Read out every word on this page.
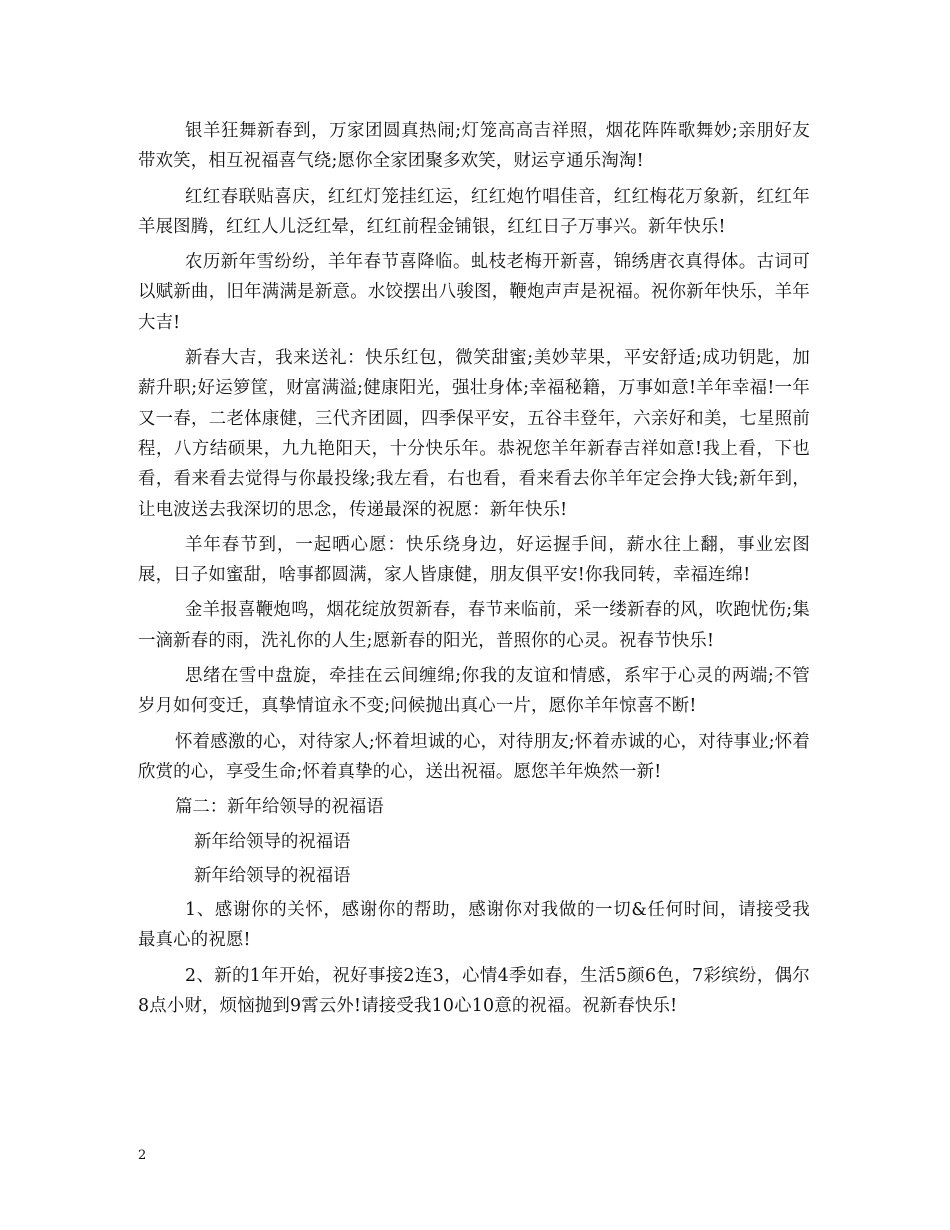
银羊狂舞新春到，万家团圆真热闹;灯笼高高吉祥照，烟花阵阵歌舞妙;亲朋好友带欢笑，相互祝福喜气绕;愿你全家团聚多欢笑，财运亨通乐淘淘!

红红春联贴喜庆，红红灯笼挂红运，红红炮竹唱佳音，红红梅花万象新，红红年羊展图腾，红红人儿泛红晕，红红前程金铺银，红红日子万事兴。新年快乐!

农历新年雪纷纷，羊年春节喜降临。虬枝老梅开新喜，锦绣唐衣真得体。古词可以赋新曲，旧年满满是新意。水饺摆出八骏图，鞭炮声声是祝福。祝你新年快乐，羊年大吉!

新春大吉，我来送礼：快乐红包，微笑甜蜜;美妙苹果，平安舒适;成功钥匙，加薪升职;好运箩筐，财富满溢;健康阳光，强壮身体;幸福秘籍，万事如意!羊年幸福!一年又一春，二老体康健，三代齐团圆，四季保平安，五谷丰登年，六亲好和美，七星照前程，八方结硕果，九九艳阳天，十分快乐年。恭祝您羊年新春吉祥如意!我上看，下也看，看来看去觉得与你最投缘;我左看，右也看，看来看去你羊年定会挣大钱;新年到，让电波送去我深切的思念，传递最深的祝愿：新年快乐!

羊年春节到，一起晒心愿：快乐绕身边，好运握手间，薪水往上翻，事业宏图展，日子如蜜甜，啥事都圆满，家人皆康健，朋友俱平安!你我同转，幸福连绵!

金羊报喜鞭炮鸣，烟花绽放贺新春，春节来临前，采一缕新春的风，吹跑忧伤;集一滴新春的雨，洗礼你的人生;愿新春的阳光，普照你的心灵。祝春节快乐!

思绪在雪中盘旋，牵挂在云间缠绵;你我的友谊和情感，系牢于心灵的两端;不管岁月如何变迁，真挚情谊永不变;问候抛出真心一片，愿你羊年惊喜不断!

怀着感激的心，对待家人;怀着坦诚的心，对待朋友;怀着赤诚的心，对待事业;怀着欣赏的心，享受生命;怀着真挚的心，送出祝福。愿您羊年焕然一新!

篇二：新年给领导的祝福语

新年给领导的祝福语

新年给领导的祝福语

1、感谢你的关怀，感谢你的帮助，感谢你对我做的一切&任何时间，请接受我最真心的祝愿!

2、新的1年开始，祝好事接2连3，心情4季如春，生活5颜6色，7彩缤纷，偶尔8点小财，烦恼抛到9霄云外!请接受我10心10意的祝福。祝新春快乐!

2
